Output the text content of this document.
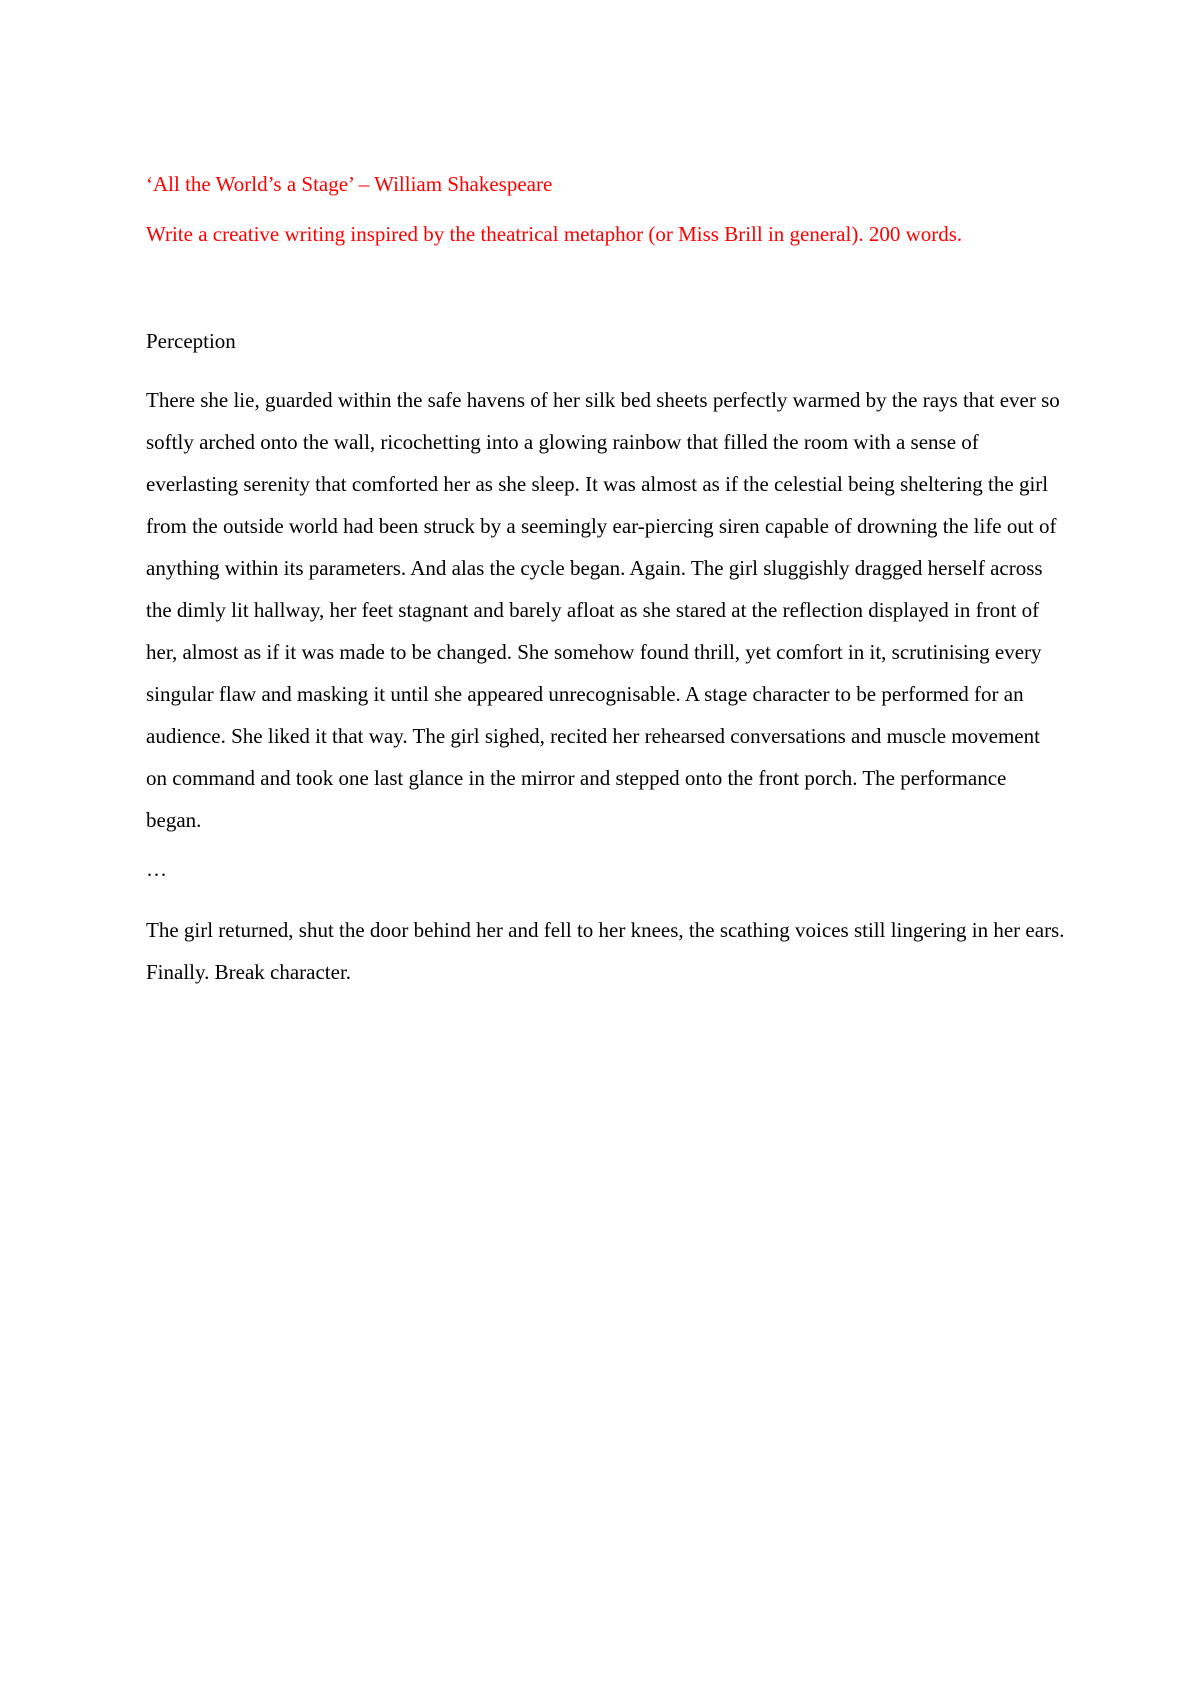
‘All the World’s a Stage’ – William Shakespeare

Write a creative writing inspired by the theatrical metaphor (or Miss Brill in general). 200 words.

Perception

There she lie, guarded within the safe havens of her silk bed sheets perfectly warmed by the rays that ever so softly arched onto the wall, ricochetting into a glowing rainbow that filled the room with a sense of everlasting serenity that comforted her as she sleep. It was almost as if the celestial being sheltering the girl from the outside world had been struck by a seemingly ear-piercing siren capable of drowning the life out of anything within its parameters. And alas the cycle began. Again. The girl sluggishly dragged herself across the dimly lit hallway, her feet stagnant and barely afloat as she stared at the reflection displayed in front of her, almost as if it was made to be changed. She somehow found thrill, yet comfort in it, scrutinising every singular flaw and masking it until she appeared unrecognisable. A stage character to be performed for an audience. She liked it that way. The girl sighed, recited her rehearsed conversations and muscle movement on command and took one last glance in the mirror and stepped onto the front porch. The performance began.

…

The girl returned, shut the door behind her and fell to her knees, the scathing voices still lingering in her ears. Finally. Break character.
